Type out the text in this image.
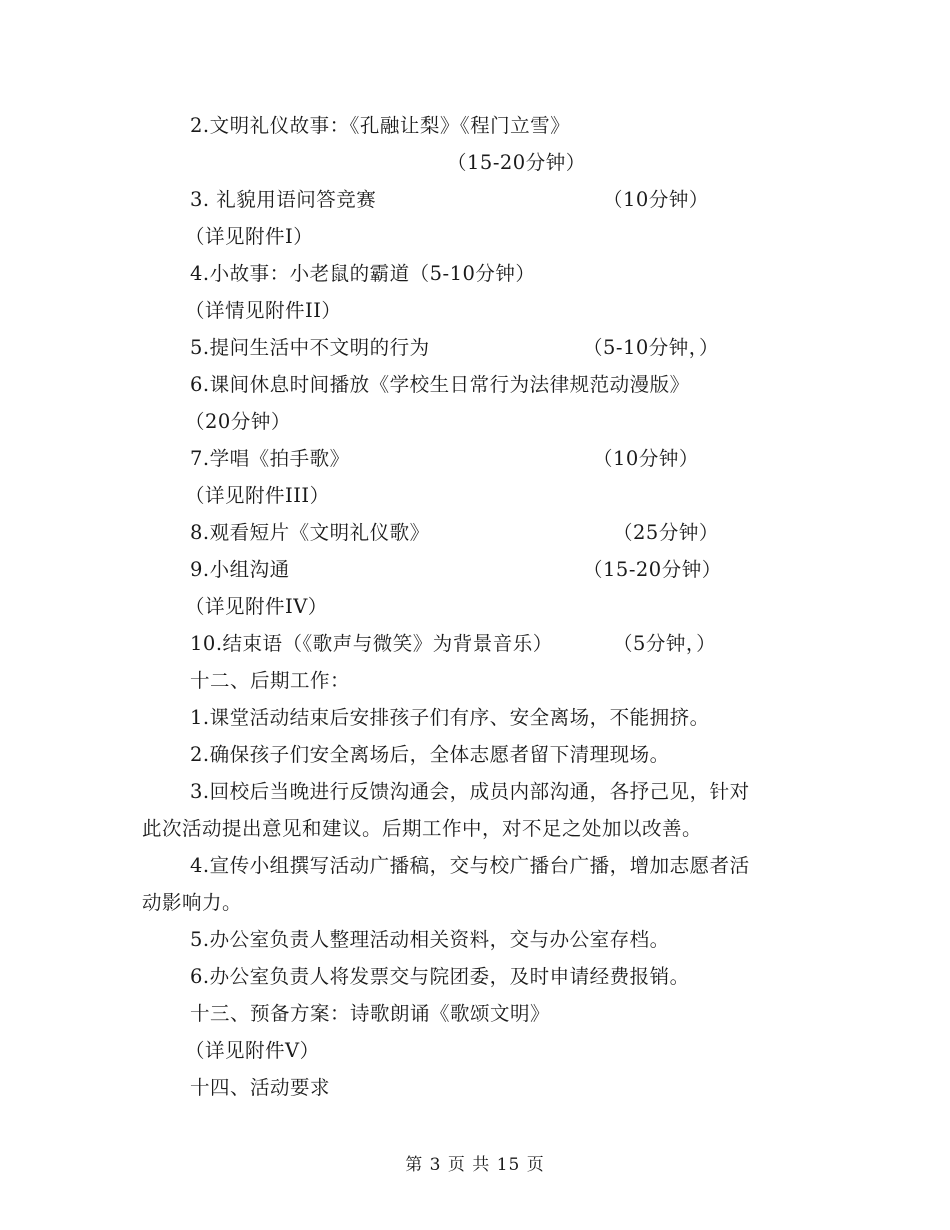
2.文明礼仪故事：《孔融让梨》《程门立雪》
（15-20分钟）
3. 礼貌用语问答竞赛	（10分钟）
（详见附件I）
4.小故事：小老鼠的霸道（5-10分钟）
（详情见附件II）
5.提问生活中不文明的行为	（5-10分钟，）
6.课间休息时间播放《学校生日常行为法律规范动漫版》
（20分钟）
7.学唱《拍手歌》	（10分钟）
（详见附件III）
8.观看短片《文明礼仪歌》	（25分钟）
9.小组沟通	（15-20分钟）
（详见附件IV）
10.结束语（《歌声与微笑》为背景音乐）	（5分钟，）
十二、后期工作：
1.课堂活动结束后安排孩子们有序、安全离场，不能拥挤。
2.确保孩子们安全离场后，全体志愿者留下清理现场。
3.回校后当晚进行反馈沟通会，成员内部沟通，各抒己见，针对
此次活动提出意见和建议。后期工作中，对不足之处加以改善。
4.宣传小组撰写活动广播稿，交与校广播台广播，增加志愿者活
动影响力。
5.办公室负责人整理活动相关资料，交与办公室存档。
6.办公室负责人将发票交与院团委，及时申请经费报销。
十三、预备方案：诗歌朗诵《歌颂文明》
（详见附件V）
十四、活动要求
第 3 页 共 15 页
